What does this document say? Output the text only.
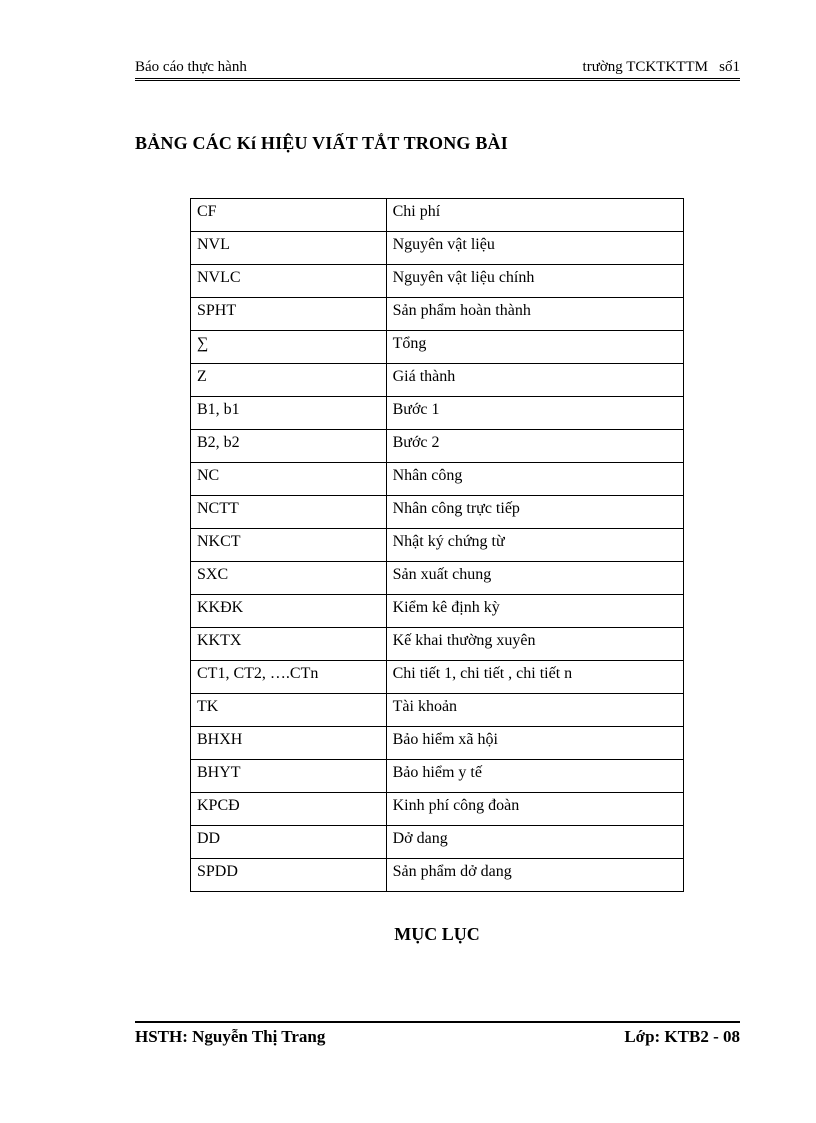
Báo cáo thực hành	trường TCKTKTTM   số1
BẢNG CÁC Kí HIỆU VIẤT TẮT TRONG BÀI
CF	Chi phí
NVL	Nguyên vật liệu
NVLC	Nguyên vật liệu chính
SPHT	Sản phẩm hoàn thành
∑	Tổng
Z	Giá thành
B1, b1	Bước 1
B2, b2	Bước 2
NC	Nhân công
NCTT	Nhân công trực tiếp
NKCT	Nhật ký chứng từ
SXC	Sản xuất chung
KKĐK	Kiểm kê định kỳ
KKTX	Kế khai thường xuyên
CT1, CT2, ….CTn	Chi tiết 1, chi tiết , chi tiết n
TK	Tài khoản
BHXH	Bảo hiểm xã hội
BHYT	Bảo hiểm y tế
KPCĐ	Kinh phí công đoàn
DD	Dở dang
SPDD	Sản phẩm dở dang
MỤC LỤC
HSTH: Nguyễn Thị Trang	Lớp: KTB2 - 08
